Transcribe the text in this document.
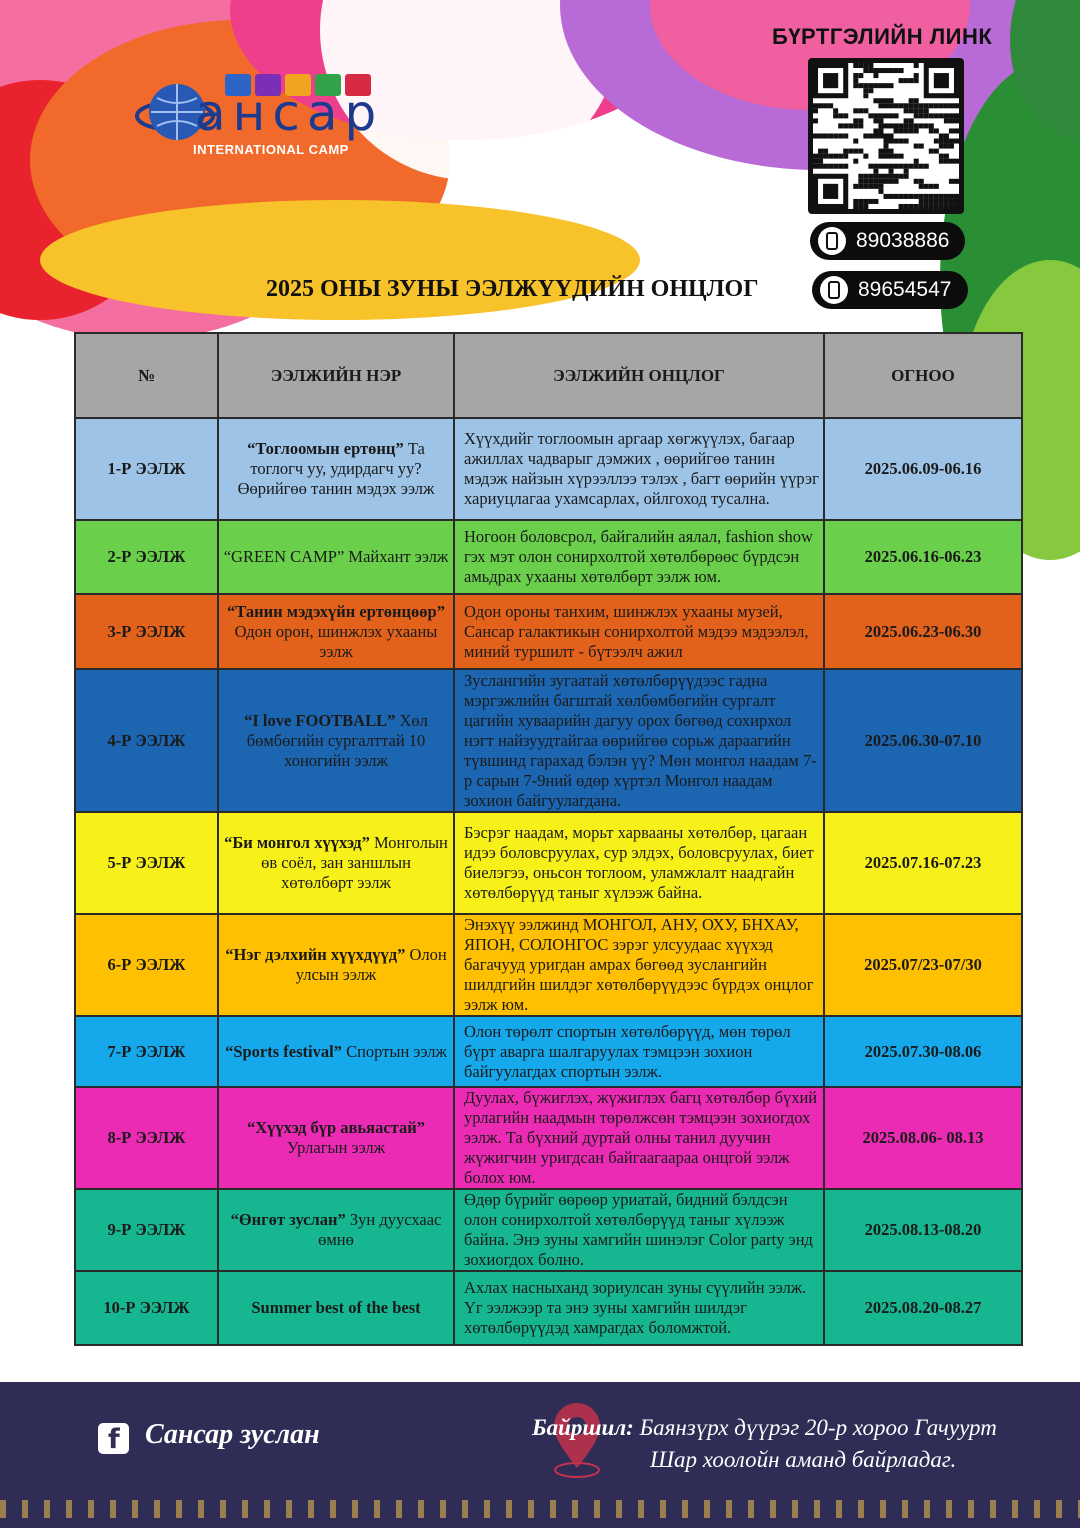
ансар
INTERNATIONAL CAMP
БҮРТГЭЛИЙН ЛИНК
89038886
89654547
2025 ОНЫ ЗУНЫ ЭЭЛЖҮҮДИЙН ОНЦЛОГ
№	ЭЭЛЖИЙН НЭР	ЭЭЛЖИЙН ОНЦЛОГ	ОГНОО
1-Р ЭЭЛЖ	“Тоглоомын ертөнц” Та тоглогч уу, удирдагч уу? Өөрийгөө танин мэдэх ээлж	Хүүхдийг тоглоомын аргаар хөгжүүлэх, багаар ажиллах чадварыг дэмжих , өөрийгөө танин мэдэж найзын хүрээллээ тэлэх , багт өөрийн үүрэг хариуцлагаа ухамсарлах, ойлгоход тусална.	2025.06.09-06.16
2-Р ЭЭЛЖ	“GREEN CAMP” Майхант ээлж	Ногоон боловсрол, байгалийн аялал, fashion show гэх мэт олон сонирхолтой хөтөлбөрөөс бүрдсэн амьдрах ухааны хөтөлбөрт ээлж юм.	2025.06.16-06.23
3-Р ЭЭЛЖ	“Танин мэдэхүйн ертөнцөөр” Одон орон, шинжлэх ухааны ээлж	Одон ороны танхим, шинжлэх ухааны музей, Сансар галактикын сонирхолтой мэдээ мэдээлэл, миний туршилт - бүтээлч ажил	2025.06.23-06.30
4-Р ЭЭЛЖ	“I love FOOTBALL” Хөл бөмбөгийн сургалттай 10 хоногийн ээлж	Зуслангийн зугаатай хөтөлбөрүүдээс гадна мэргэжлийн багштай хөлбөмбөгийн сургалт цагийн хуваарийн дагуу орох бөгөөд сохирхол нэгт найзуудтайгаа өөрийгөө сорьж дараагийн түвшинд гарахад бэлэн үү? Мөн монгол наадам 7-р сарын 7-9ний өдөр хүртэл Монгол наадам зохион байгуулагдана.	2025.06.30-07.10
5-Р ЭЭЛЖ	“Би монгол хүүхэд” Монголын өв соёл, зан заншлын хөтөлбөрт ээлж	Бэсрэг наадам, морьт харвааны хөтөлбөр, цагаан идээ боловсруулах, сур элдэх, боловсруулах, биет биелэгээ, оньсон тоглоом, уламжлалт наадгайн хөтөлбөрүүд таныг хүлээж байна.	2025.07.16-07.23
6-Р ЭЭЛЖ	“Нэг дэлхийн хүүхдүүд” Олон улсын ээлж	Энэхүү ээлжинд МОНГОЛ, АНУ, ОХУ, БНХАУ, ЯПОН, СОЛОНГОС зэрэг улсуудаас хүүхэд багачууд уригдан амрах бөгөөд зуслангийн шилдгийн шилдэг хөтөлбөрүүдээс бүрдэх онцлог ээлж юм.	2025.07/23-07/30
7-Р ЭЭЛЖ	“Sports festival” Спортын ээлж	Олон төрөлт спортын хөтөлбөрүүд, мөн төрөл бүрт аварга шалгаруулах тэмцээн зохион байгуулагдах спортын ээлж.	2025.07.30-08.06
8-Р ЭЭЛЖ	“Хүүхэд бүр авьяастай” Урлагын ээлж	Дуулах, бүжиглэх, жүжиглэх багц хөтөлбөр бүхий урлагийн наадмын төрөлжсөн тэмцээн зохиогдох ээлж. Та бүхний дуртай олны танил дуучин жүжигчин уригдсан байгаагаараа онцгой ээлж болох юм.	2025.08.06- 08.13
9-Р ЭЭЛЖ	“Өнгөт зуслан” Зун дуусхаас өмнө	Өдөр бүрийг өөрөөр уриатай, бидний бэлдсэн олон сонирхолтой хөтөлбөрүүд таныг хүлээж байна. Энэ зуны хамгийн шинэлэг Color party энд зохиогдох болно.	2025.08.13-08.20
10-Р ЭЭЛЖ	Summer best of the best	Ахлах насныханд зориулсан зуны сүүлийн ээлж. Үг ээлжээр та энэ зуны хамгийн шилдэг хөтөлбөрүүдэд хамрагдах боломжтой.	2025.08.20-08.27
f Сансар зуслан	Байршил: Баянзүрх дүүрэг 20-р хороо Гачуурт
Шар хоолойн аманд байрладаг.
